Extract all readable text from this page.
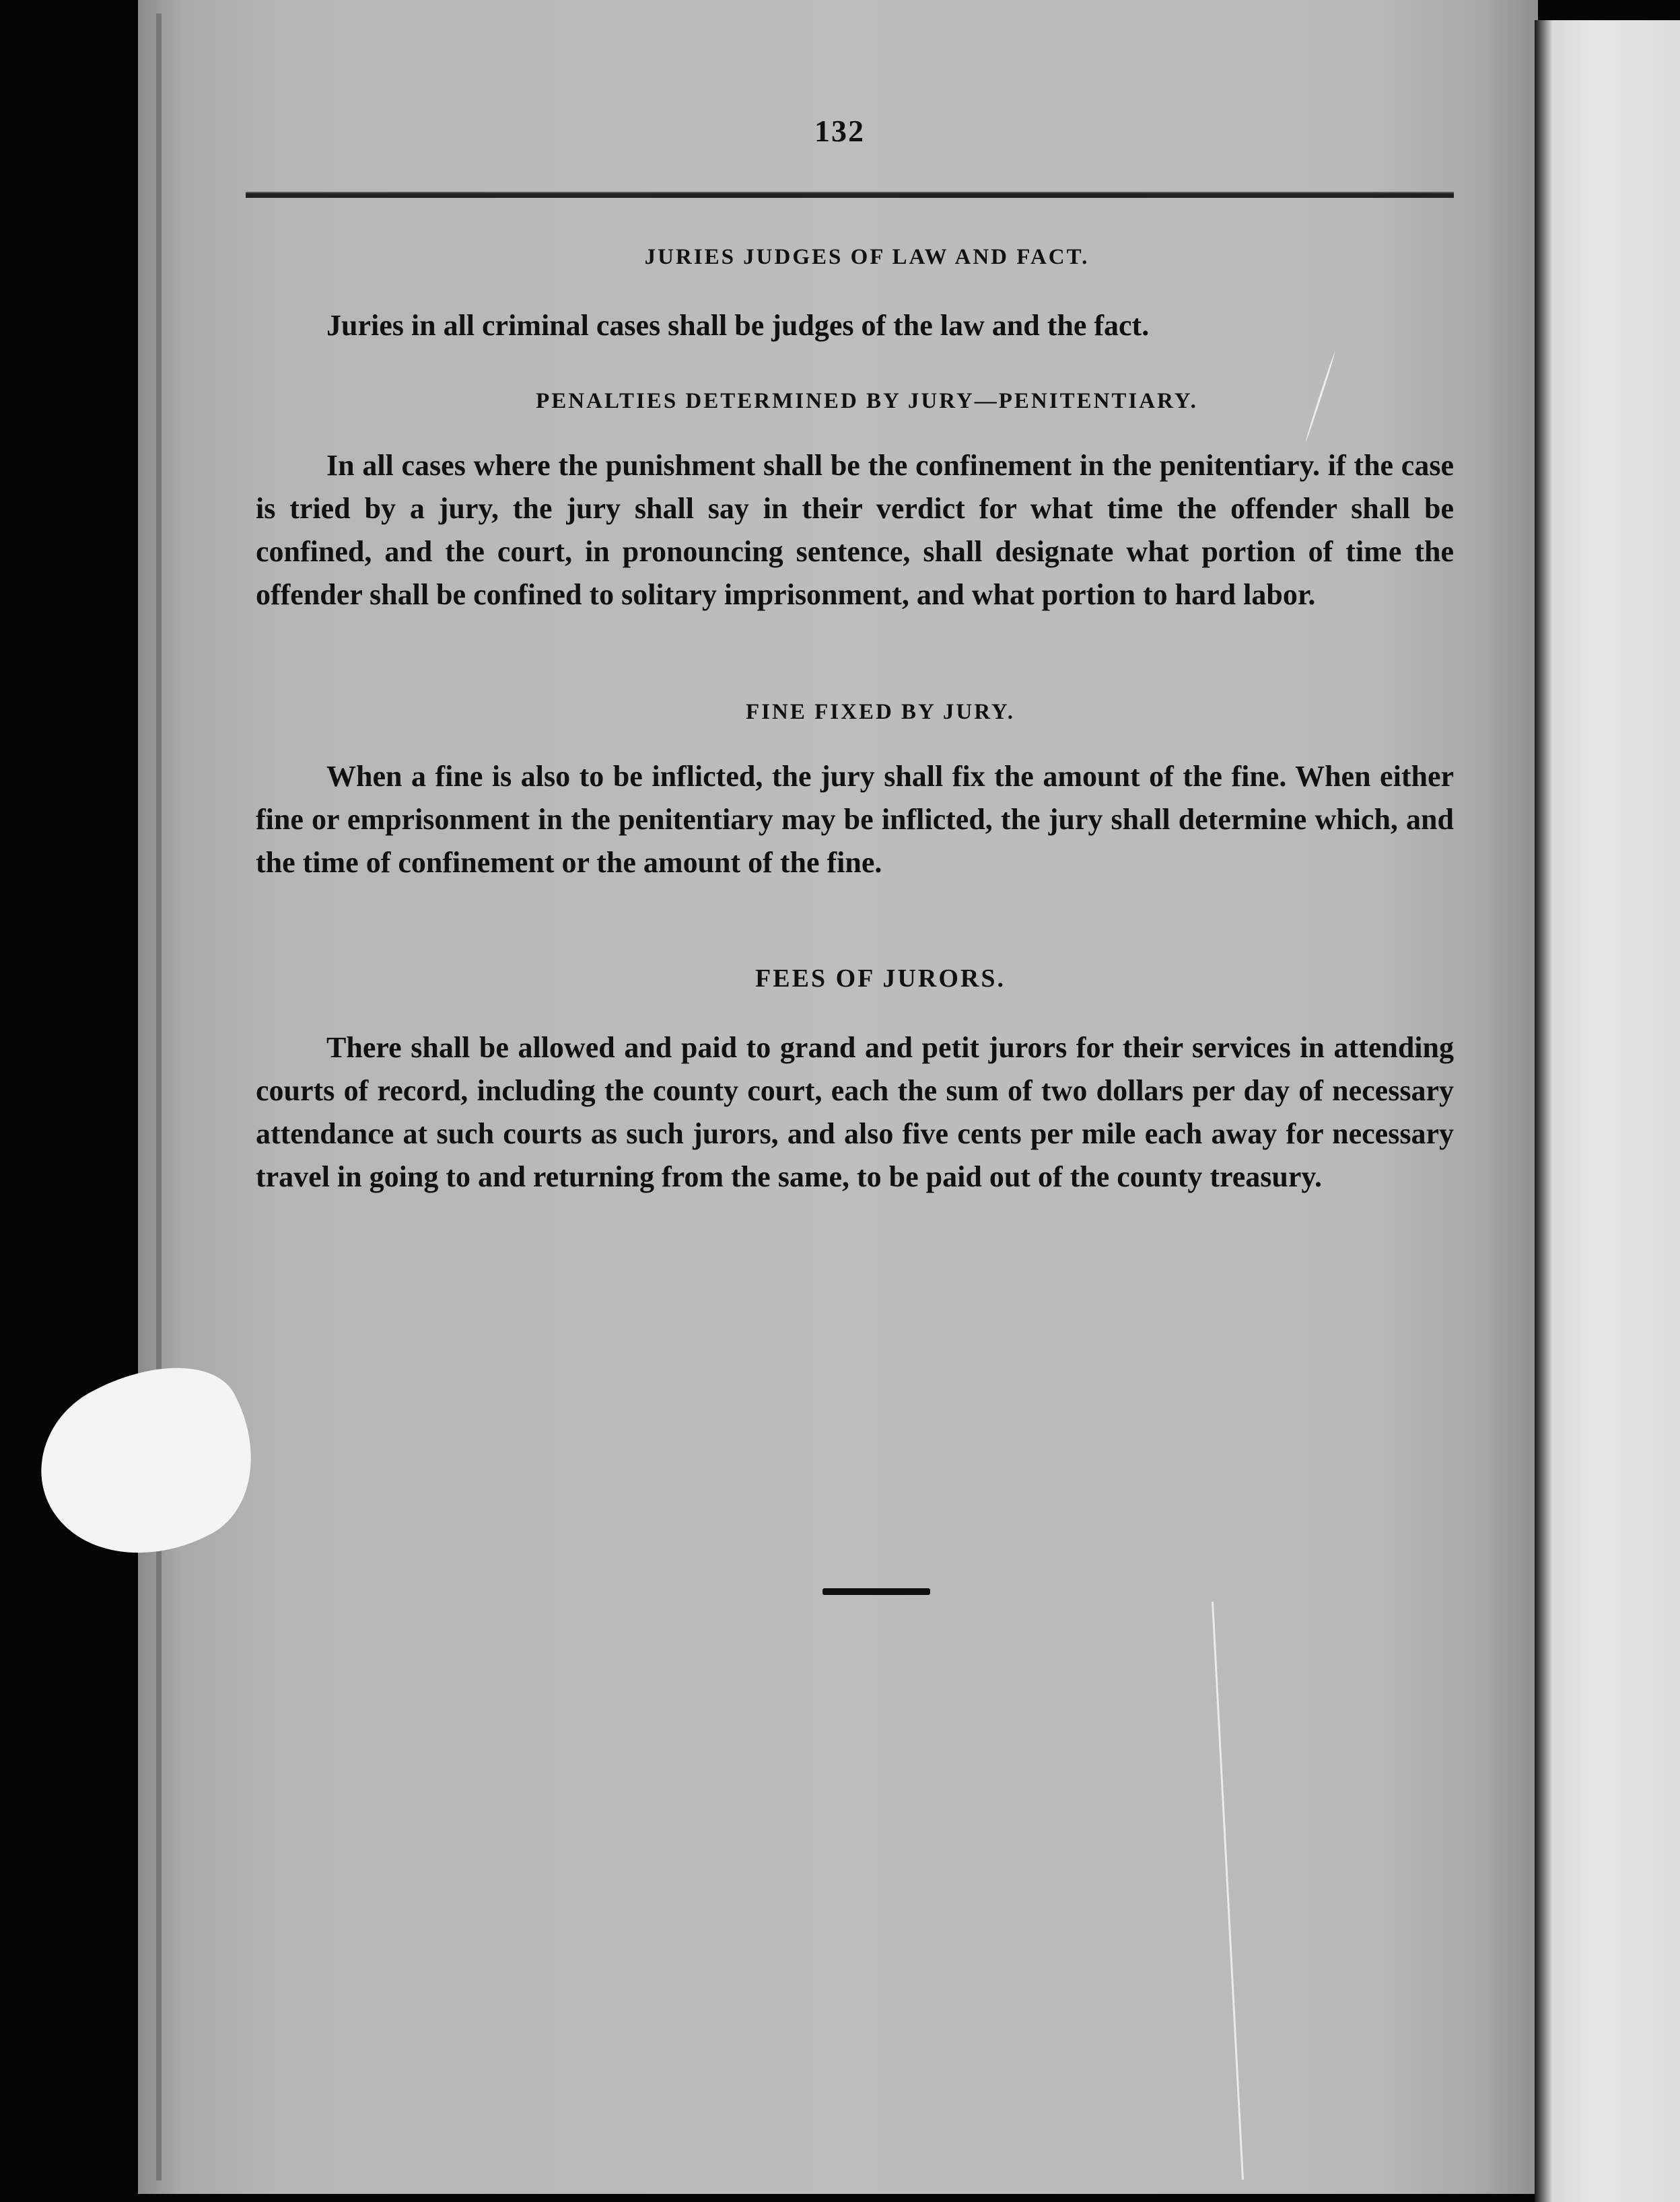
132
JURIES JUDGES OF LAW AND FACT.
Juries in all criminal cases shall be judges of the law and the fact.
PENALTIES DETERMINED BY JURY—PENITENTIARY.
In all cases where the punishment shall be the confinement in the penitentiary. if the case is tried by a jury, the jury shall say in their verdict for what time the offender shall be confined, and the court, in pronouncing sentence, shall designate what portion of time the offender shall be confined to solitary imprisonment, and what portion to hard labor.
FINE FIXED BY JURY.
When a fine is also to be inflicted, the jury shall fix the amount of the fine. When either fine or emprisonment in the penitentiary may be inflicted, the jury shall determine which, and the time of confinement or the amount of the fine.
FEES OF JURORS.
There shall be allowed and paid to grand and petit jurors for their services in attending courts of record, including the county court, each the sum of two dollars per day of necessary attendance at such courts as such jurors, and also five cents per mile each away for necessary travel in going to and returning from the same, to be paid out of the county treasury.
